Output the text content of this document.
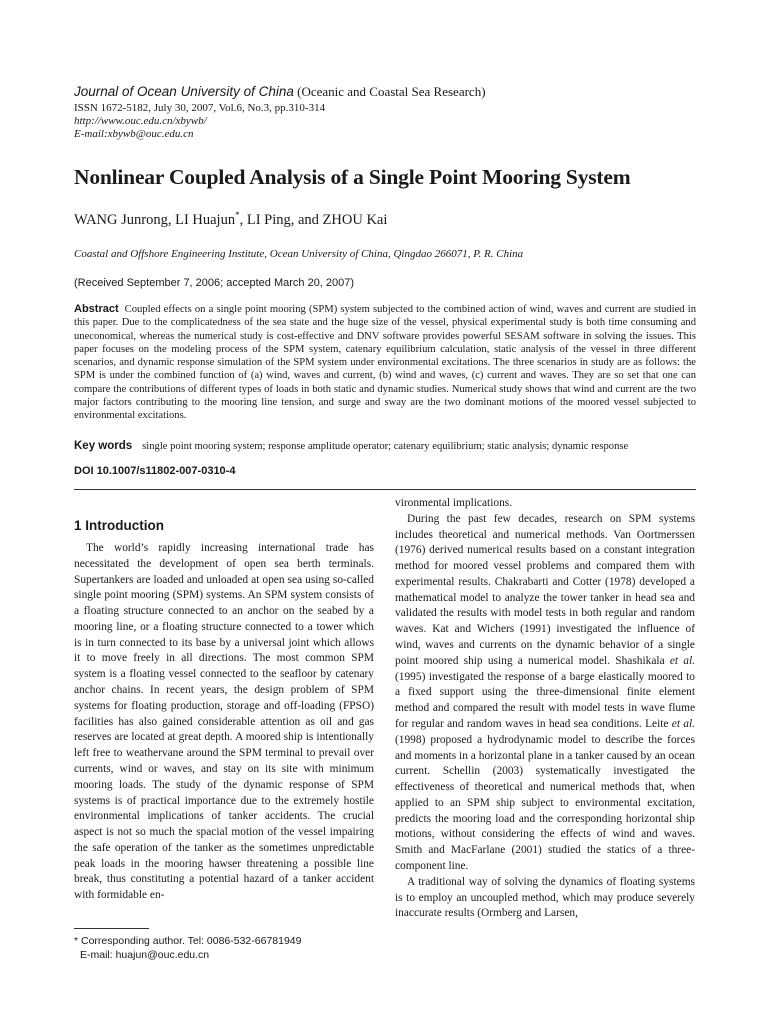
Journal of Ocean University of China (Oceanic and Coastal Sea Research)
ISSN 1672-5182, July 30, 2007, Vol.6, No.3, pp.310-314
http://www.ouc.edu.cn/xbywb/
E-mail:xbywb@ouc.edu.cn
Nonlinear Coupled Analysis of a Single Point Mooring System
WANG Junrong, LI Huajun*, LI Ping, and ZHOU Kai
Coastal and Offshore Engineering Institute, Ocean University of China, Qingdao 266071, P. R. China
(Received September 7, 2006; accepted March 20, 2007)
Abstract Coupled effects on a single point mooring (SPM) system subjected to the combined action of wind, waves and current are studied in this paper. Due to the complicatedness of the sea state and the huge size of the vessel, physical experimental study is both time consuming and uneconomical, whereas the numerical study is cost-effective and DNV software provides powerful SESAM software in solving the issues. This paper focuses on the modeling process of the SPM system, catenary equilibrium calculation, static analysis of the vessel in three different scenarios, and dynamic response simulation of the SPM system under environmental excitations. The three scenarios in study are as follows: the SPM is under the combined function of (a) wind, waves and current, (b) wind and waves, (c) current and waves. They are so set that one can compare the contributions of different types of loads in both static and dynamic studies. Numerical study shows that wind and current are the two major factors contributing to the mooring line tension, and surge and sway are the two dominant motions of the moored vessel subjected to environmental excitations.
Key words single point mooring system; response amplitude operator; catenary equilibrium; static analysis; dynamic response
DOI 10.1007/s11802-007-0310-4
1 Introduction

The world’s rapidly increasing international trade has necessitated the development of open sea berth terminals. Supertankers are loaded and unloaded at open sea using so-called single point mooring (SPM) systems. An SPM system consists of a floating structure connected to an anchor on the seabed by a mooring line, or a floating structure connected to a tower which is in turn connected to its base by a universal joint which allows it to move freely in all directions. The most common SPM system is a floating vessel connected to the seafloor by catenary anchor chains. In recent years, the design problem of SPM systems for floating production, storage and off-loading (FPSO) facilities has also gained considerable attention as oil and gas reserves are located at great depth. A moored ship is intentionally left free to weathervane around the SPM terminal to prevail over currents, wind or waves, and stay on its site with minimum mooring loads. The study of the dynamic response of SPM systems is of practical importance due to the extremely hostile environmental implications of tanker accidents. The crucial aspect is not so much the spacial motion of the vessel impairing the safe operation of the tanker as the sometimes unpredictable peak loads in the mooring hawser threatening a possible line break, thus constituting a potential hazard of a tanker accident with formidable en-

vironmental implications.

During the past few decades, research on SPM systems includes theoretical and numerical methods. Van Oortmerssen (1976) derived numerical results based on a constant integration method for moored vessel problems and compared them with experimental results. Chakrabarti and Cotter (1978) developed a mathematical model to analyze the tower tanker in head sea and validated the results with model tests in both regular and random waves. Kat and Wichers (1991) investigated the influence of wind, waves and currents on the dynamic behavior of a single point moored ship using a numerical model. Shashikala et al. (1995) investigated the response of a barge elastically moored to a fixed support using the three-dimensional finite element method and compared the result with model tests in wave flume for regular and random waves in head sea conditions. Leite et al. (1998) proposed a hydrodynamic model to describe the forces and moments in a horizontal plane in a tanker caused by an ocean current. Schellin (2003) systematically investigated the effectiveness of theoretical and numerical methods that, when applied to an SPM ship subject to environmental excitation, predicts the mooring load and the corresponding horizontal ship motions, without considering the effects of wind and waves. Smith and MacFarlane (2001) studied the statics of a three-component line.

A traditional way of solving the dynamics of floating systems is to employ an uncoupled method, which may produce severely inaccurate results (Ormberg and Larsen,

* Corresponding author. Tel: 0086-532-66781949
E-mail: huajun@ouc.edu.cn
